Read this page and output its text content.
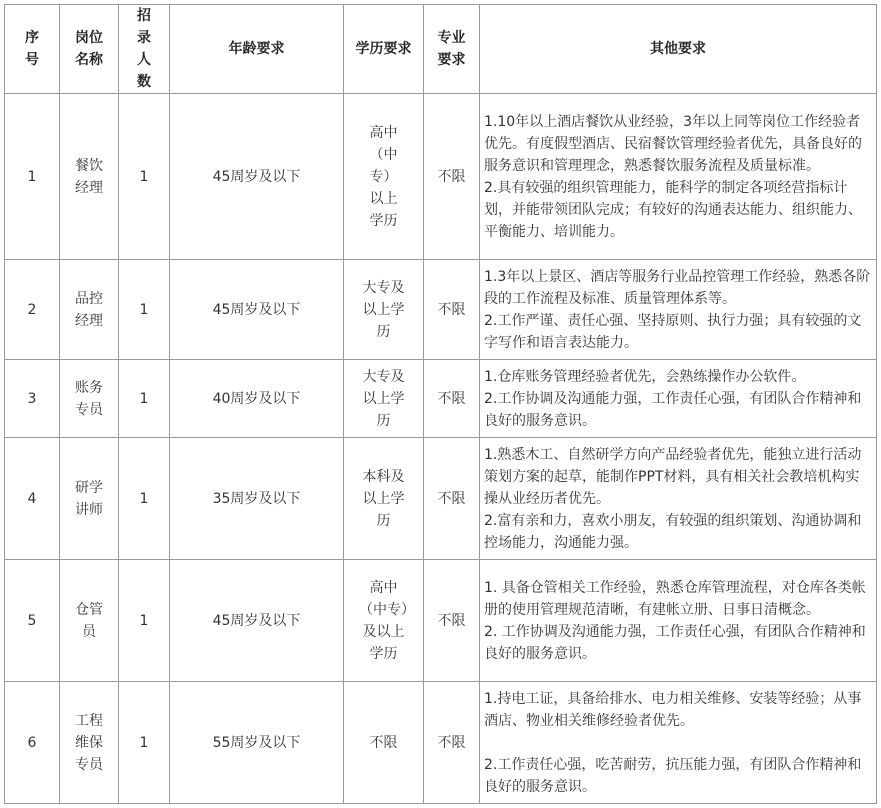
序号	岗位名称	招录人数	年龄要求	学历要求	专业要求	其他要求
1	餐饮经理	1	45周岁及以下	高中（中专）以上学历	不限	1.10年以上酒店餐饮从业经验，3年以上同等岗位工作经验者优先。有度假型酒店、民宿餐饮管理经验者优先，具备良好的服务意识和管理理念，熟悉餐饮服务流程及质量标准。
2.具有较强的组织管理能力，能科学的制定各项经营指标计划，并能带领团队完成；有较好的沟通表达能力、组织能力、平衡能力、培训能力。

2	品控经理	1	45周岁及以下	大专及以上学历	不限	1.3年以上景区、酒店等服务行业品控管理工作经验，熟悉各阶段的工作流程及标准、质量管理体系等。
2.工作严谨、责任心强、坚持原则、执行力强；具有较强的文字写作和语言表达能力。

3	账务专员	1	40周岁及以下	大专及以上学历	不限	1.仓库账务管理经验者优先，会熟练操作办公软件。
2.工作协调及沟通能力强，工作责任心强，有团队合作精神和良好的服务意识。

4	研学讲师	1	35周岁及以下	本科及以上学历	不限	1.熟悉木工、自然研学方向产品经验者优先，能独立进行活动策划方案的起草，能制作PPT材料，具有相关社会教培机构实操从业经历者优先。
2.富有亲和力，喜欢小朋友，有较强的组织策划、沟通协调和控场能力，沟通能力强。

5	仓管员	1	45周岁及以下	高中（中专）及以上学历	不限	1. 具备仓管相关工作经验，熟悉仓库管理流程，对仓库各类帐册的使用管理规范清晰，有建帐立册、日事日清概念。
2. 工作协调及沟通能力强，工作责任心强，有团队合作精神和良好的服务意识。

6	工程维保专员	1	55周岁及以下	不限	不限	1.持电工证，具备给排水、电力相关维修、安装等经验；从事酒店、物业相关维修经验者优先。
2.工作责任心强，吃苦耐劳，抗压能力强，有团队合作精神和良好的服务意识。
